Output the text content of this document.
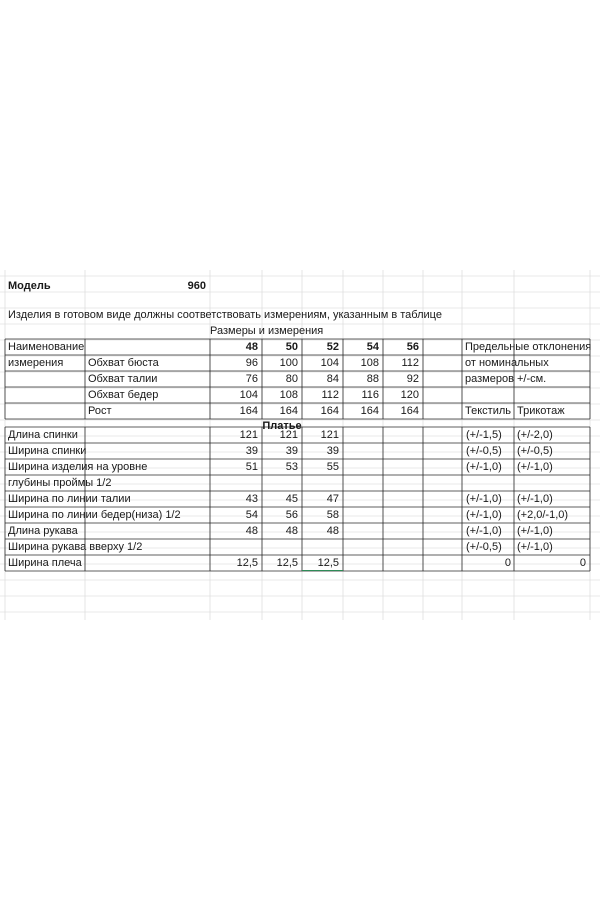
Модель	960
Изделия в готовом виде должны соответствовать измерениям, указанным в таблице
Размеры и измерения
Наименование
измерения
48	50	52	54	56	Предельные отклонения
от номинальных
размеров +/-см.
Обхват бюста	96	100	104	108	112
Обхват талии	76	80	84	88	92
Обхват бедер	104	108	112	116	120
Рост	164	164	164	164	164	Текстиль Трикотаж
Платье
Длина спинки	121	121	121	(+/-1,5)	(+/-2,0)
Ширина спинки	39	39	39	(+/-0,5)	(+/-0,5)
Ширина изделия на уровне	51	53	55	(+/-1,0)	(+/-1,0)
глубины проймы 1/2
Ширина по линии талии	43	45	47	(+/-1,0)	(+/-1,0)
Ширина по линии бедер(низа) 1/2	54	56	58	(+/-1,0)	(+2,0/-1,0)
Длина рукава	48	48	48	(+/-1,0)	(+/-1,0)
Ширина рукава вверху 1/2	(+/-0,5)	(+/-1,0)
Ширина плеча	12,5	12,5	12,5	0	0
